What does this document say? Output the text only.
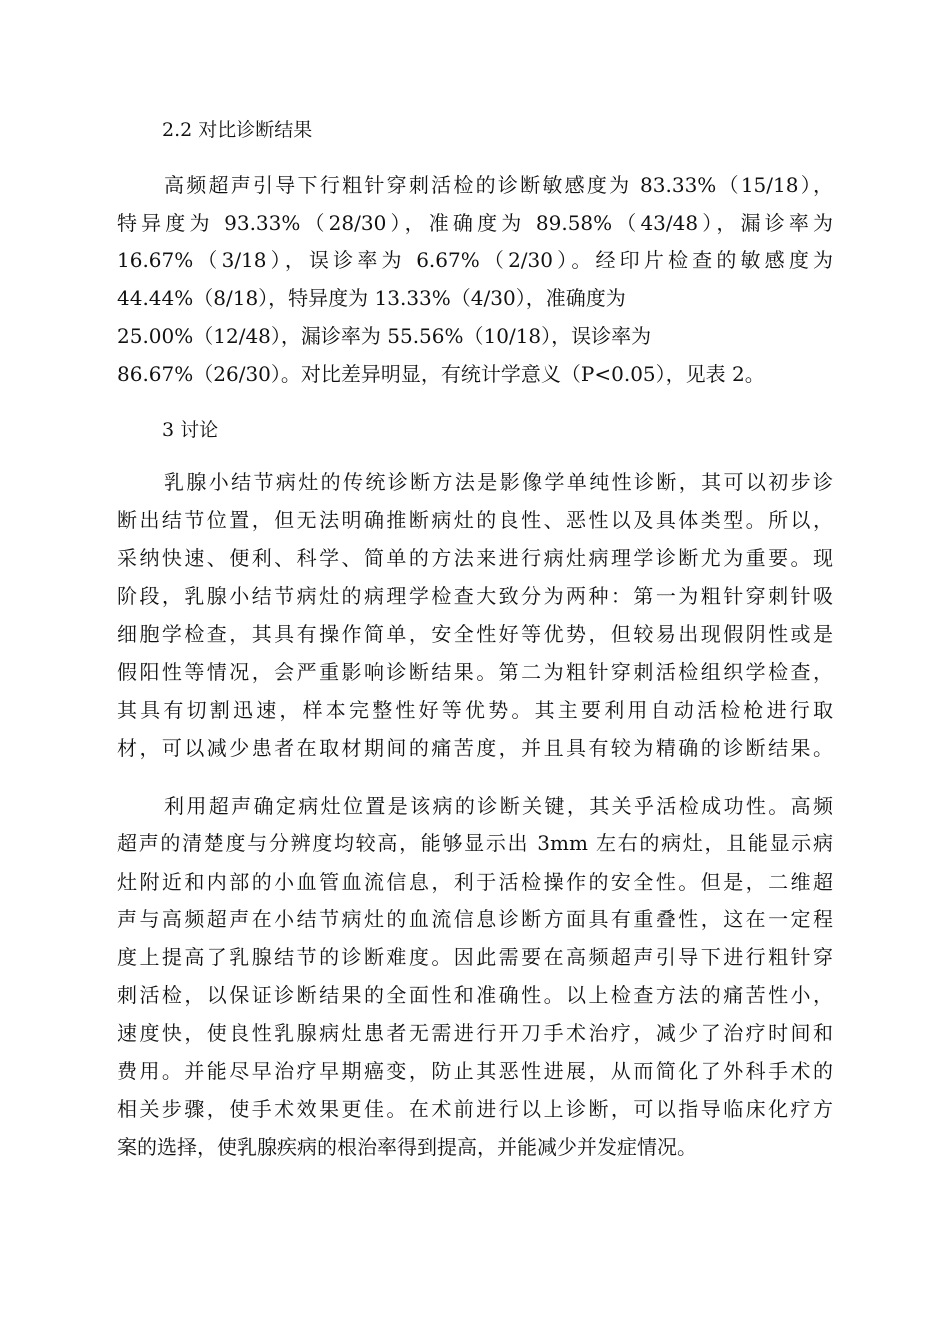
2.2 对比诊断结果
高频超声引导下行粗针穿刺活检的诊断敏感度为 83.33%（15/18），
特异度为 93.33%（28/30），准确度为 89.58%（43/48），漏诊率为
16.67%（3/18），误诊率为 6.67%（2/30）。经印片检查的敏感度为
44.44%（8/18），特异度为 13.33%（4/30），准确度为
25.00%（12/48），漏诊率为 55.56%（10/18），误诊率为
86.67%（26/30）。对比差异明显，有统计学意义（P<0.05），见表 2。
3 讨论
乳腺小结节病灶的传统诊断方法是影像学单纯性诊断，其可以初步诊
断出结节位置，但无法明确推断病灶的良性、恶性以及具体类型。所以，
采纳快速、便利、科学、简单的方法来进行病灶病理学诊断尤为重要。现
阶段，乳腺小结节病灶的病理学检查大致分为两种：第一为粗针穿刺针吸
细胞学检查，其具有操作简单，安全性好等优势，但较易出现假阴性或是
假阳性等情况，会严重影响诊断结果。第二为粗针穿刺活检组织学检查，
其具有切割迅速，样本完整性好等优势。其主要利用自动活检枪进行取
材，可以减少患者在取材期间的痛苦度，并且具有较为精确的诊断结果。
利用超声确定病灶位置是该病的诊断关键，其关乎活检成功性。高频
超声的清楚度与分辨度均较高，能够显示出 3mm 左右的病灶，且能显示病
灶附近和内部的小血管血流信息，利于活检操作的安全性。但是，二维超
声与高频超声在小结节病灶的血流信息诊断方面具有重叠性，这在一定程
度上提高了乳腺结节的诊断难度。因此需要在高频超声引导下进行粗针穿
刺活检，以保证诊断结果的全面性和准确性。以上检查方法的痛苦性小，
速度快，使良性乳腺病灶患者无需进行开刀手术治疗，减少了治疗时间和
费用。并能尽早治疗早期癌变，防止其恶性进展，从而简化了外科手术的
相关步骤，使手术效果更佳。在术前进行以上诊断，可以指导临床化疗方
案的选择，使乳腺疾病的根治率得到提高，并能减少并发症情况。
